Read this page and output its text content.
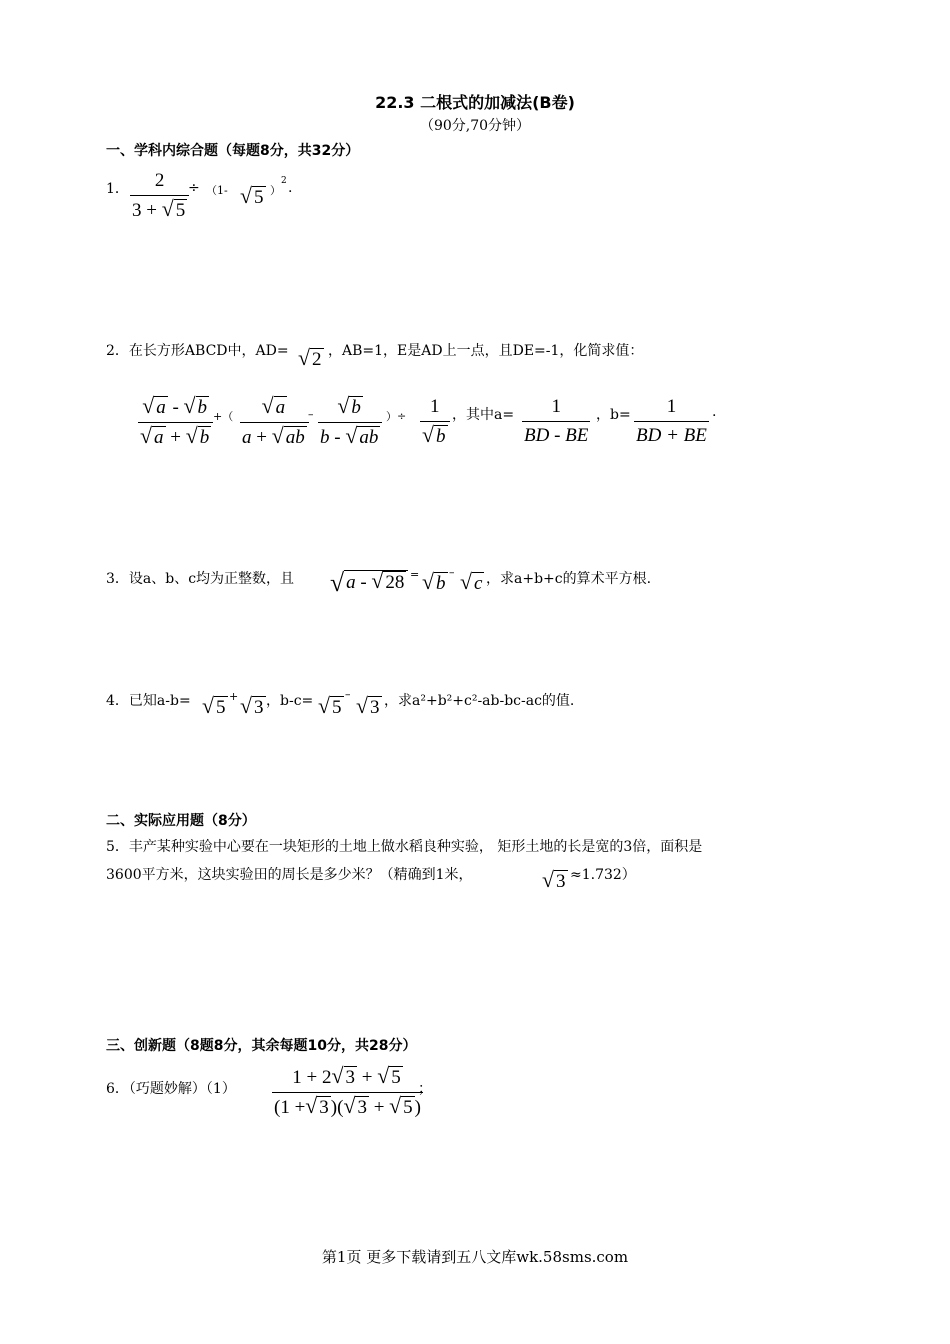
22.3 二根式的加减法(B卷)
（90分,70分钟）
一、学科内综合题（每题8分，共32分）
1． 2
3 + √ 5
÷ （1- √ 5 ）
2 .
2．在长方形ABCD中，AD= √ 2 ，AB=1，E是AD上一点，且DE=-1，化简求值：
√ a - √ b
√ a + √ b
+（ √ a
a + √ ab
– √ b
b - √ ab
）÷ 1
√ b
，其中a= 1
BD - BE
，b= 1
BD + BE
.
3．设a、b、c均为正整数，且 √ a - √ 28 = √ b
– √ c ，求a+b+c的算术平方根.
4．已知a-b= √ 5
+ √ 3 ，b-c= √ 5
– √ 3 ，求a²+b²+c²-ab-bc-ac的值.
二、实际应用题（8分）
5．丰产某种实验中心要在一块矩形的土地上做水稻良种实验， 矩形土地的长是宽的3倍，面积是
3600平方米，这块实验田的周长是多少米？（精确到1米，	√ 3 ≈1.732）
三、创新题（8题8分，其余每题10分，共28分）
6．（巧题妙解）（1）
1 + 2 √ 3 + √ 5
(1 + √ 3 )( √ 3 + √ 5 )
；
第1页 更多下载请到五八文库wk.58sms.com
